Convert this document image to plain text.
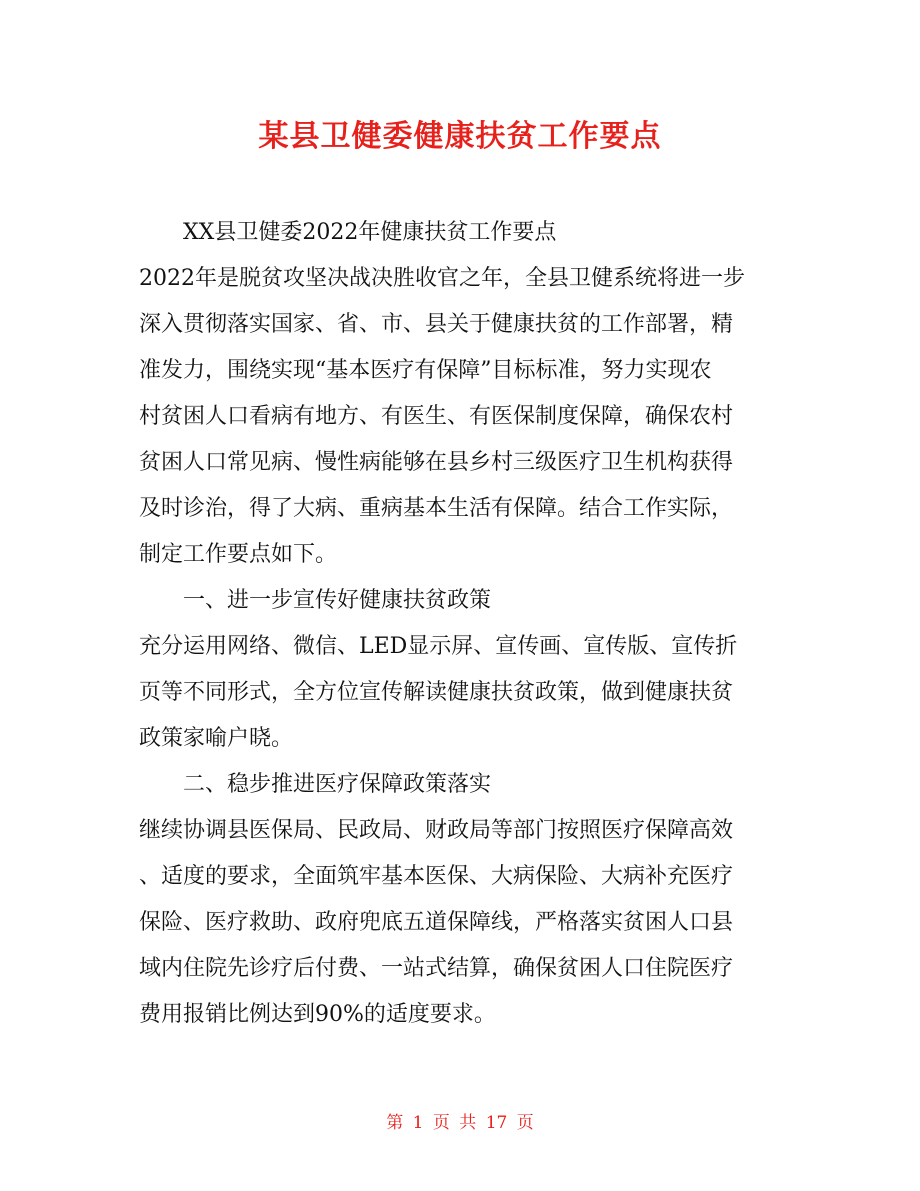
某县卫健委健康扶贫工作要点
XX县卫健委2022年健康扶贫工作要点
2022年是脱贫攻坚决战决胜收官之年，全县卫健系统将进一步
深入贯彻落实国家、省、市、县关于健康扶贫的工作部署，精
准发力，围绕实现“基本医疗有保障”目标标准，努力实现农
村贫困人口看病有地方、有医生、有医保制度保障，确保农村
贫困人口常见病、慢性病能够在县乡村三级医疗卫生机构获得
及时诊治，得了大病、重病基本生活有保障。结合工作实际，
制定工作要点如下。
一、进一步宣传好健康扶贫政策
充分运用网络、微信、LED显示屏、宣传画、宣传版、宣传折
页等不同形式，全方位宣传解读健康扶贫政策，做到健康扶贫
政策家喻户晓。
二、稳步推进医疗保障政策落实
继续协调县医保局、民政局、财政局等部门按照医疗保障高效
、适度的要求，全面筑牢基本医保、大病保险、大病补充医疗
保险、医疗救助、政府兜底五道保障线，严格落实贫困人口县
域内住院先诊疗后付费、一站式结算，确保贫困人口住院医疗
费用报销比例达到90%的适度要求。
第 1 页 共 17 页
